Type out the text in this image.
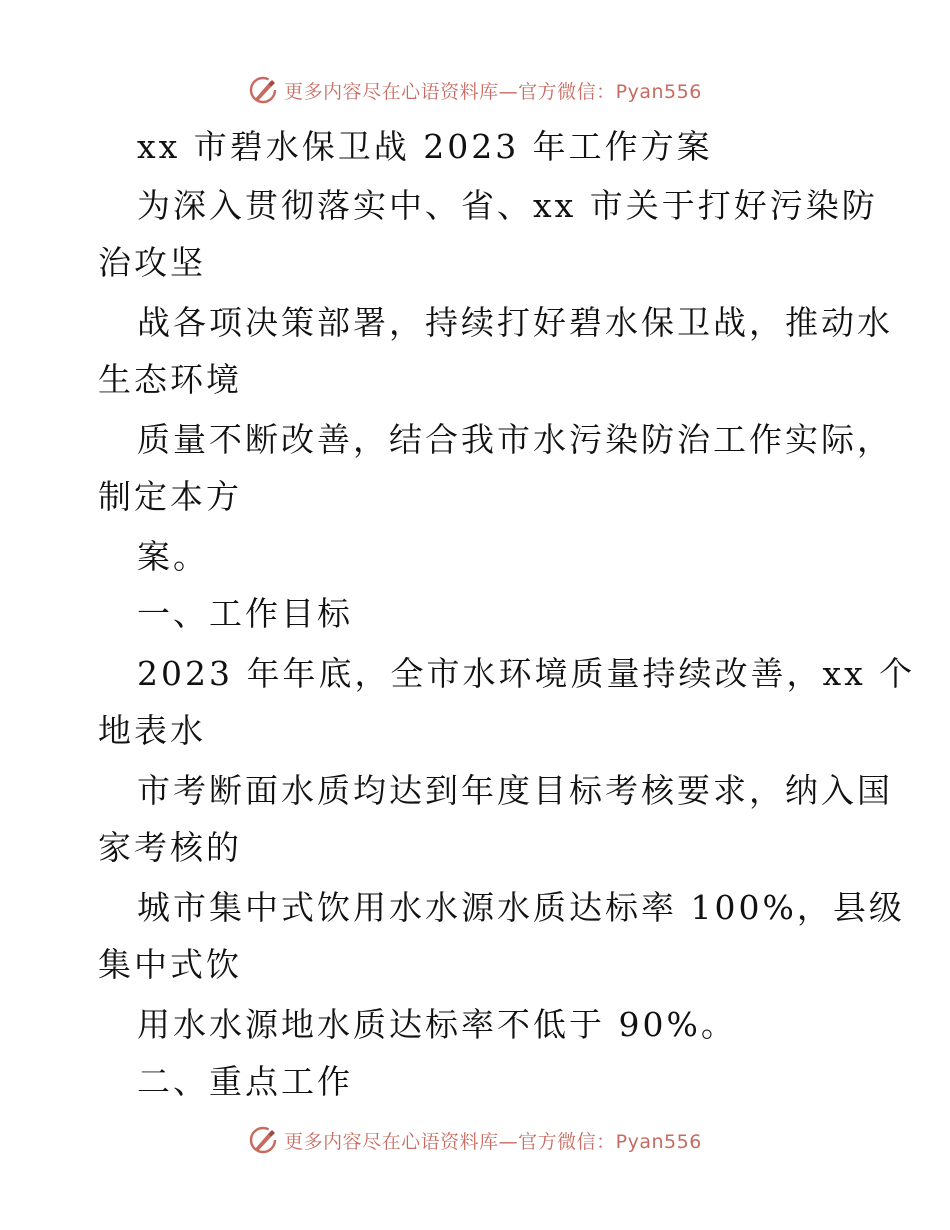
更多内容尽在心语资料库—官方微信：Pyan556
xx 市碧水保卫战 2023 年工作方案
为深入贯彻落实中、省、xx 市关于打好污染防
治攻坚
战各项决策部署，持续打好碧水保卫战，推动水
生态环境
质量不断改善，结合我市水污染防治工作实际，
制定本方
案。
一、工作目标
2023 年年底，全市水环境质量持续改善，xx 个
地表水
市考断面水质均达到年度目标考核要求，纳入国
家考核的
城市集中式饮用水水源水质达标率 100%，县级
集中式饮
用水水源地水质达标率不低于 90%。
二、重点工作
更多内容尽在心语资料库—官方微信：Pyan556
